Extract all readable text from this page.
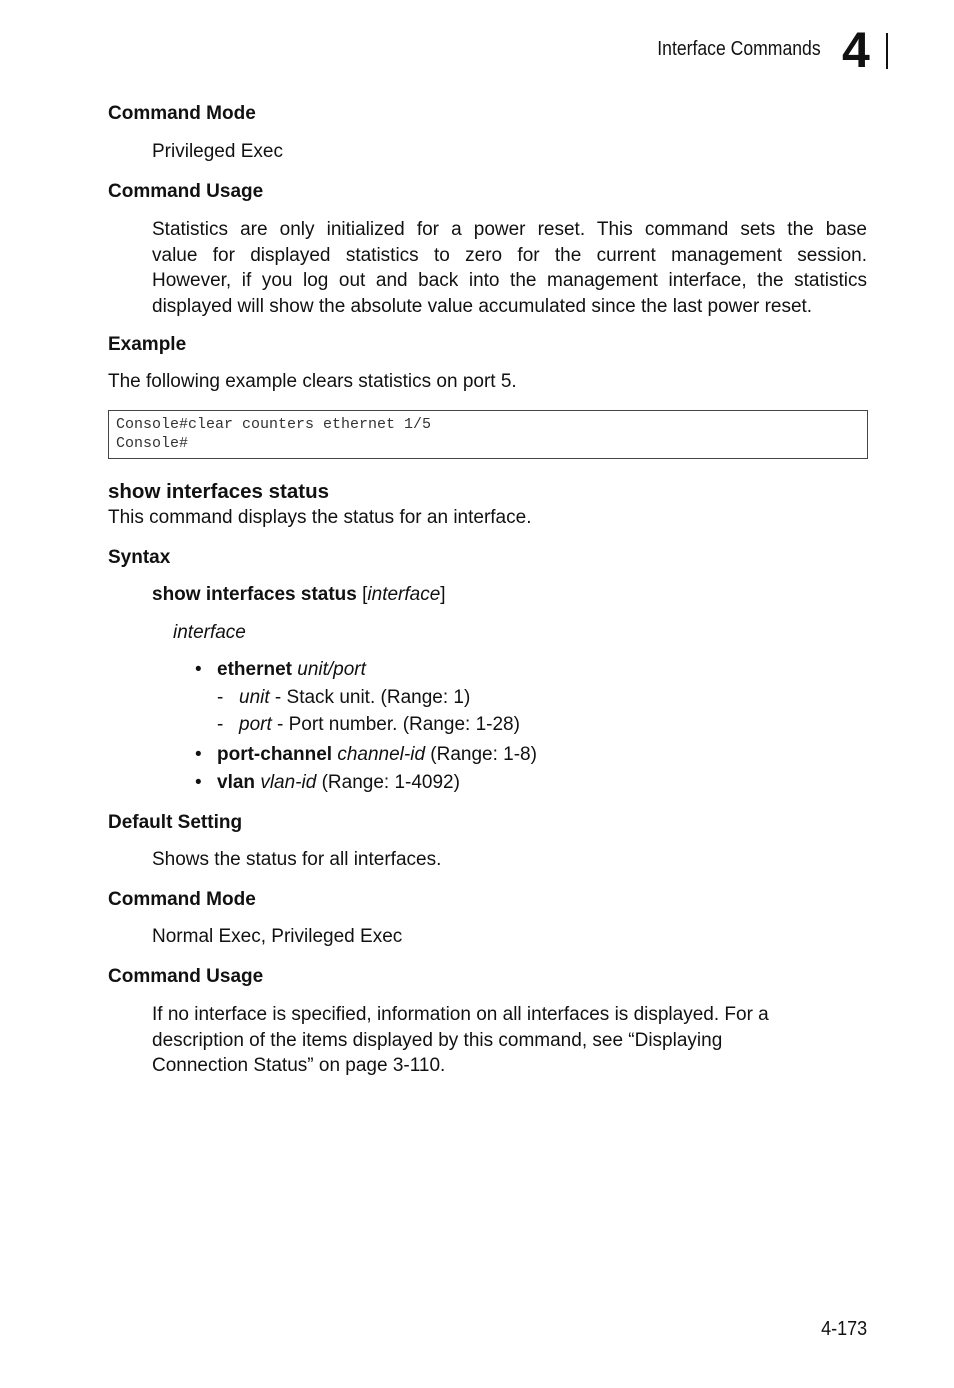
Interface Commands 4
Command Mode
Privileged Exec
Command Usage
Statistics are only initialized for a power reset. This command sets the base
value for displayed statistics to zero for the current management session.
However, if you log out and back into the management interface, the statistics
displayed will show the absolute value accumulated since the last power reset.
Example
The following example clears statistics on port 5.
Console#clear counters ethernet 1/5
Console#
show interfaces status
This command displays the status for an interface.
Syntax
show interfaces status [interface]
interface
• ethernet unit/port
- unit - Stack unit. (Range: 1)
- port - Port number. (Range: 1-28)
• port-channel channel-id (Range: 1-8)
• vlan vlan-id (Range: 1-4092)
Default Setting
Shows the status for all interfaces.
Command Mode
Normal Exec, Privileged Exec
Command Usage
If no interface is specified, information on all interfaces is displayed. For a
description of the items displayed by this command, see “Displaying
Connection Status” on page 3-110.
4-173
